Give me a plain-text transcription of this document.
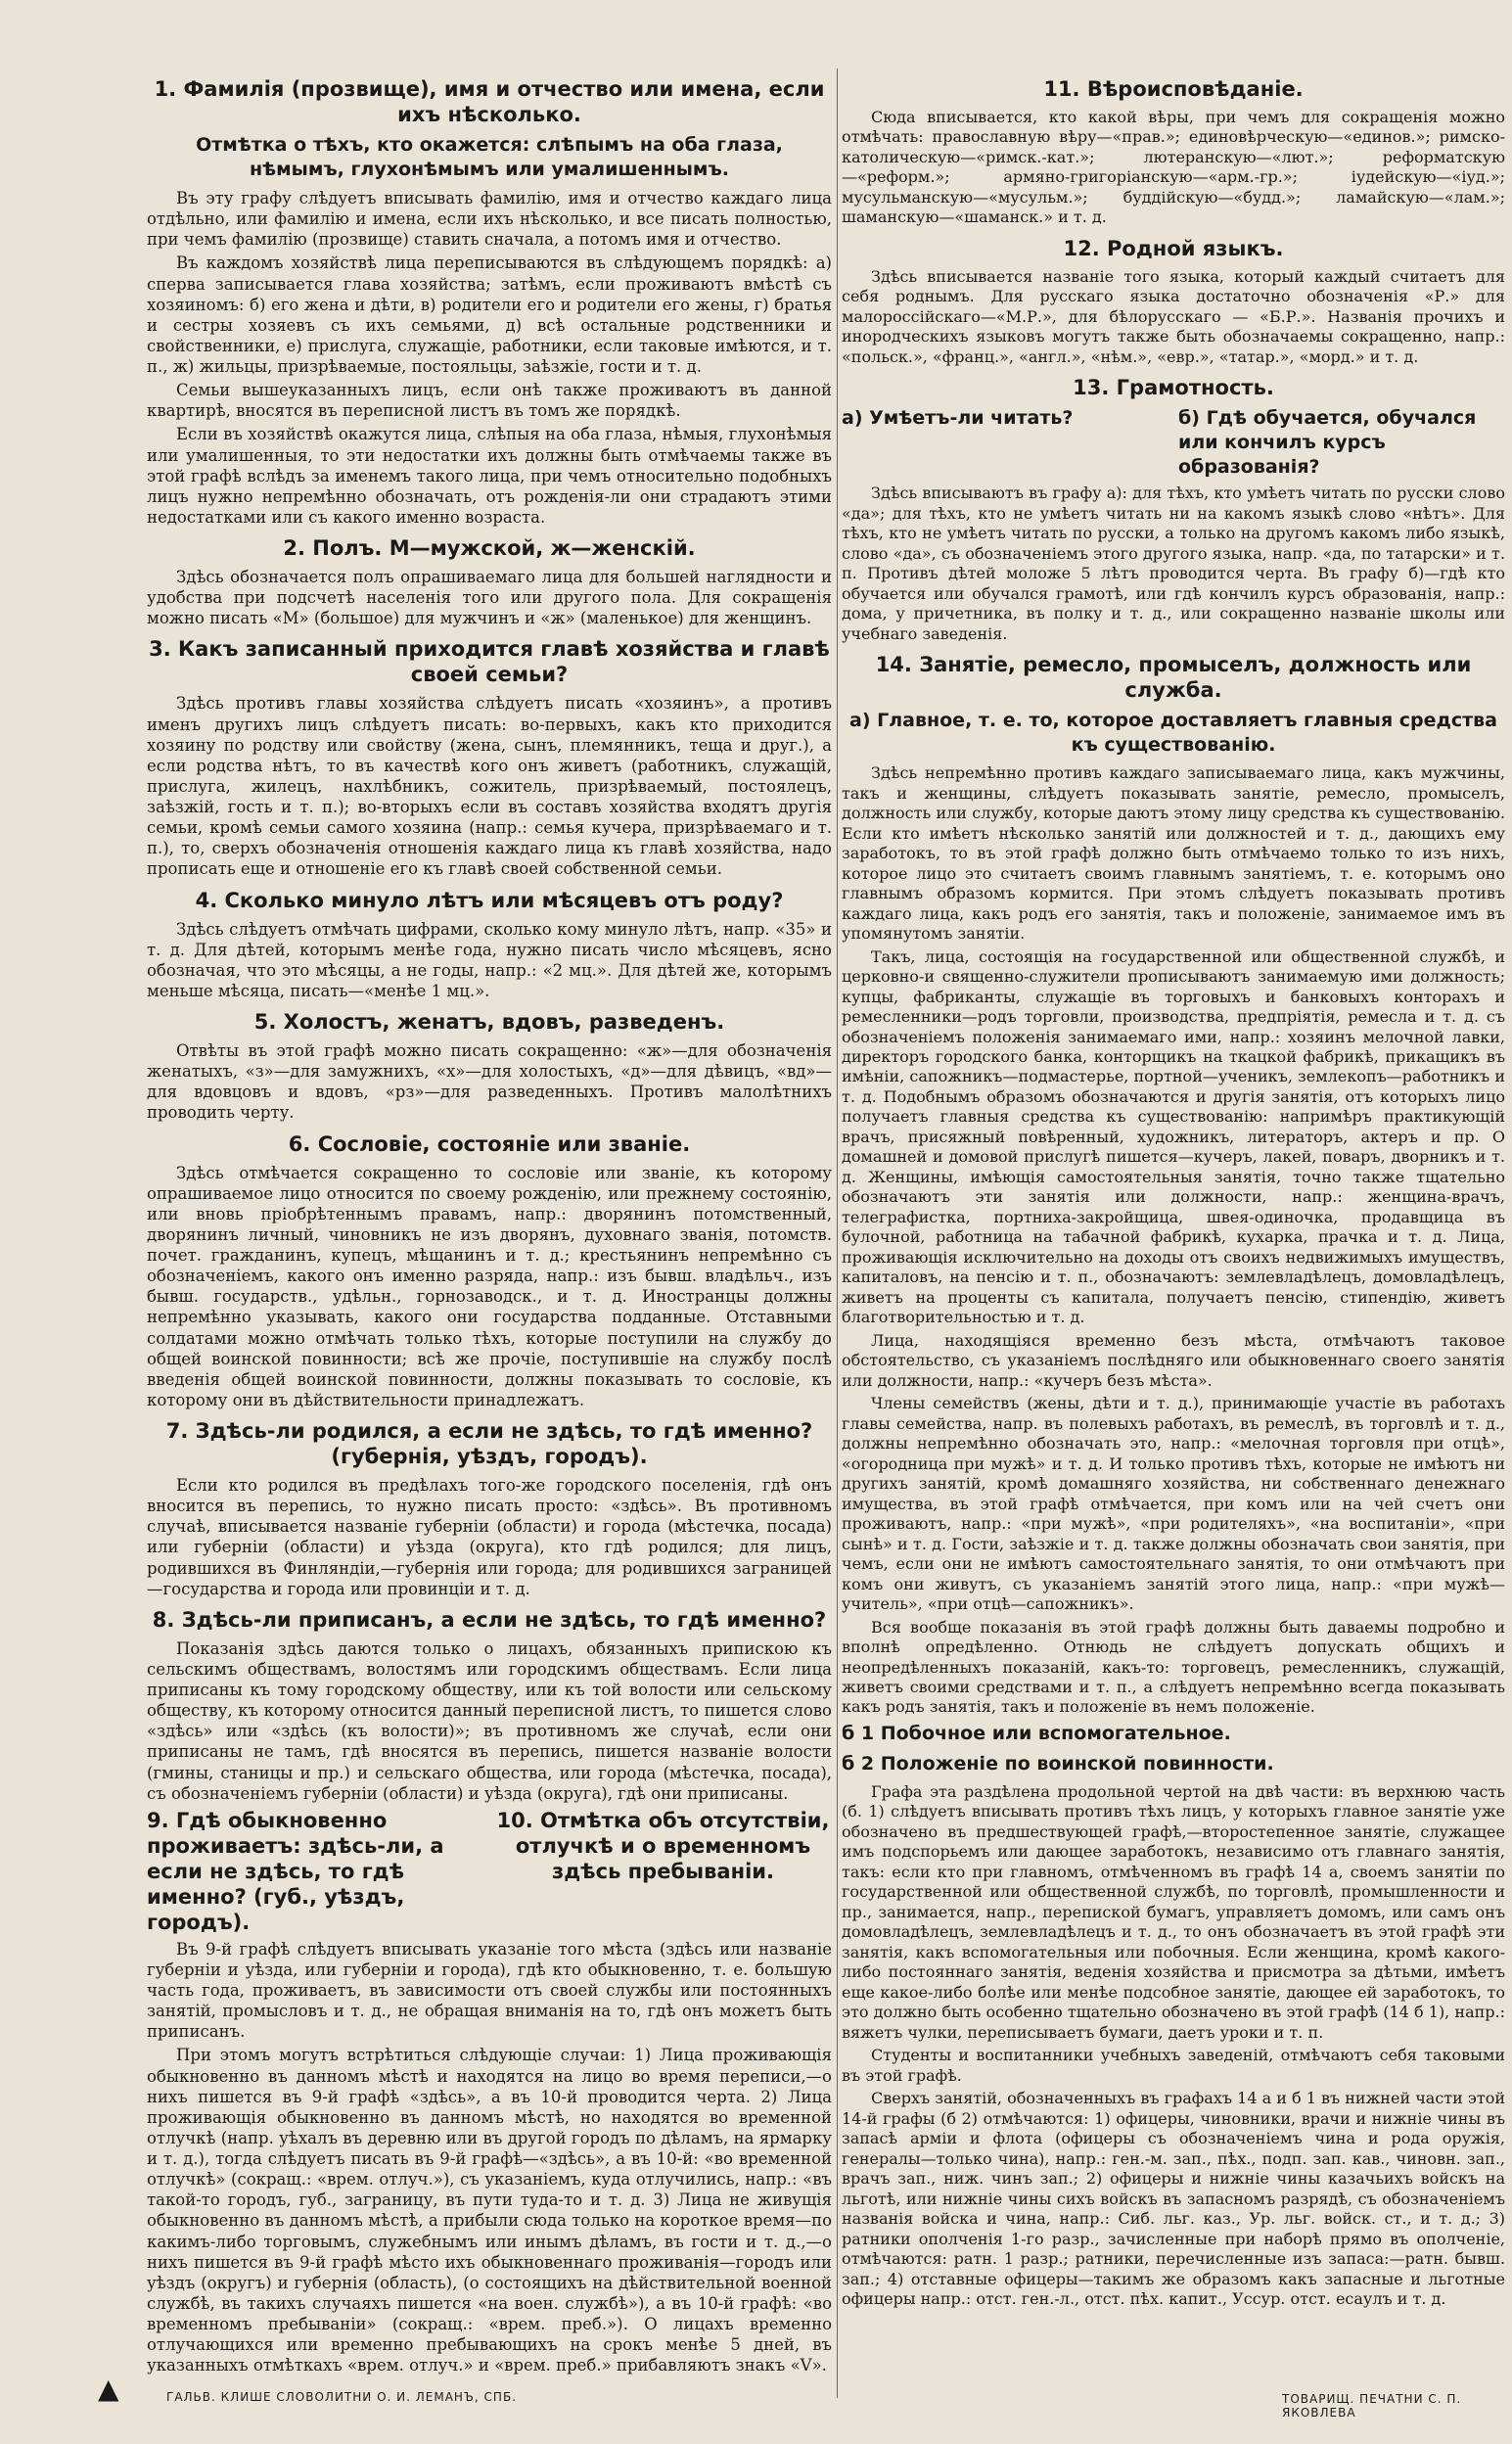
1. Фамилія (прозвище), имя и отчество или имена, если ихъ нѣсколько.
Отмѣтка о тѣхъ, кто окажется: слѣпымъ на оба глаза, нѣмымъ, глухонѣмымъ или умалишеннымъ.

Въ эту графу слѣдуетъ вписывать фамилію, имя и отчество каждаго лица отдѣльно, или фамилію и имена, если ихъ нѣсколько, и все писать полностью, при чемъ фамилію (прозвище) ставить сначала, а потомъ имя и отчество.

Въ каждомъ хозяйствѣ лица переписываются въ слѣдующемъ порядкѣ: а) сперва записывается глава хозяйства; затѣмъ, если проживаютъ вмѣстѣ съ хозяиномъ: б) его жена и дѣти, в) родители его и родители его жены, г) братья и сестры хозяевъ съ ихъ семьями, д) всѣ остальные родственники и свойственники, е) прислуга, служащіе, работники, если таковые имѣются, и т. п., ж) жильцы, призрѣваемые, постояльцы, заѣзжіе, гости и т. д.

Семьи вышеуказанныхъ лицъ, если онѣ также проживаютъ въ данной квартирѣ, вносятся въ переписной листъ въ томъ же порядкѣ.

Если въ хозяйствѣ окажутся лица, слѣпыя на оба глаза, нѣмыя, глухонѣмыя или умалишенныя, то эти недостатки ихъ должны быть отмѣчаемы также въ этой графѣ вслѣдъ за именемъ такого лица, при чемъ относительно подобныхъ лицъ нужно непремѣнно обозначать, отъ рожденія-ли они страдаютъ этими недостатками или съ какого именно возраста.

2. Полъ. М—мужской, ж—женскій.

Здѣсь обозначается полъ опрашиваемаго лица для большей наглядности и удобства при подсчетѣ населенія того или другого пола. Для сокращенія можно писать «М» (большое) для мужчинъ и «ж» (маленькое) для женщинъ.

3. Какъ записанный приходится главѣ хозяйства и главѣ своей семьи?

Здѣсь противъ главы хозяйства слѣдуетъ писать «хозяинъ», а противъ именъ другихъ лицъ слѣдуетъ писать: во-первыхъ, какъ кто приходится хозяину по родству или свойству (жена, сынъ, племянникъ, теща и друг.), а если родства нѣтъ, то въ качествѣ кого онъ живетъ (работникъ, служащій, прислуга, жилецъ, нахлѣбникъ, сожитель, призрѣваемый, постоялецъ, заѣзжій, гость и т. п.); во-вторыхъ если въ составъ хозяйства входятъ другія семьи, кромѣ семьи самого хозяина (напр.: семья кучера, призрѣваемаго и т. п.), то, сверхъ обозначенія отношенія каждаго лица къ главѣ хозяйства, надо прописать еще и отношеніе его къ главѣ своей собственной семьи.

4. Сколько минуло лѣтъ или мѣсяцевъ отъ роду?

Здѣсь слѣдуетъ отмѣчать цифрами, сколько кому минуло лѣтъ, напр. «35» и т. д. Для дѣтей, которымъ менѣе года, нужно писать число мѣсяцевъ, ясно обозначая, что это мѣсяцы, а не годы, напр.: «2 мц.». Для дѣтей же, которымъ меньше мѣсяца, писать—«менѣе 1 мц.».

5. Холостъ, женатъ, вдовъ, разведенъ.

Отвѣты въ этой графѣ можно писать сокращенно: «ж»—для обозначенія женатыхъ, «з»—для замужнихъ, «х»—для холостыхъ, «д»—для дѣвицъ, «вд»—для вдовцовъ и вдовъ, «рз»—для разведенныхъ. Противъ малолѣтнихъ проводить черту.

6. Сословіе, состояніе или званіе.

Здѣсь отмѣчается сокращенно то сословіе или званіе, къ которому опрашиваемое лицо относится по своему рожденію, или прежнему состоянію, или вновь пріобрѣтеннымъ правамъ, напр.: дворянинъ потомственный, дворянинъ личный, чиновникъ не изъ дворянъ, духовнаго званія, потомств. почет. гражданинъ, купецъ, мѣщанинъ и т. д.; крестьянинъ непремѣнно съ обозначеніемъ, какого онъ именно разряда, напр.: изъ бывш. владѣльч., изъ бывш. государств., удѣльн., горнозаводск., и т. д. Иностранцы должны непремѣнно указывать, какого они государства подданные. Отставными солдатами можно отмѣчать только тѣхъ, которые поступили на службу до общей воинской повинности; всѣ же прочіе, поступившіе на службу послѣ введенія общей воинской повинности, должны показывать то сословіе, къ которому они въ дѣйствительности принадлежатъ.

7. Здѣсь-ли родился, а если не здѣсь, то гдѣ именно? (губернія, уѣздъ, городъ).

Если кто родился въ предѣлахъ того-же городского поселенія, гдѣ онъ вносится въ перепись, то нужно писать просто: «здѣсь». Въ противномъ случаѣ, вписывается названіе губерніи (области) и города (мѣстечка, посада) или губерніи (области) и уѣзда (округа), кто гдѣ родился; для лицъ, родившихся въ Финляндіи,—губернія или города; для родившихся заграницей—государства и города или провинціи и т. д.

8. Здѣсь-ли приписанъ, а если не здѣсь, то гдѣ именно?

Показанія здѣсь даются только о лицахъ, обязанныхъ припискою къ сельскимъ обществамъ, волостямъ или городскимъ обществамъ. Если лица приписаны къ тому городскому обществу, или къ той волости или сельскому обществу, къ которому относится данный переписной листъ, то пишется слово «здѣсь» или «здѣсь (къ волости)»; въ противномъ же случаѣ, если они приписаны не тамъ, гдѣ вносятся въ перепись, пишется названіе волости (гмины, станицы и пр.) и сельскаго общества, или города (мѣстечка, посада), съ обозначеніемъ губерніи (области) и уѣзда (округа), гдѣ они приписаны.

9. Гдѣ обыкновенно проживаетъ: здѣсь-ли, а если не здѣсь, то гдѣ именно? (губ., уѣздъ, городъ).
10. Отмѣтка объ отсутствіи, отлучкѣ и о временномъ здѣсь пребываніи.

Въ 9-й графѣ слѣдуетъ вписывать указаніе того мѣста (здѣсь или названіе губерніи и уѣзда, или губерніи и города), гдѣ кто обыкновенно, т. е. большую часть года, проживаетъ, въ зависимости отъ своей службы или постоянныхъ занятій, промысловъ и т. д., не обращая вниманія на то, гдѣ онъ можетъ быть приписанъ.

При этомъ могутъ встрѣтиться слѣдующіе случаи: 1) Лица проживающія обыкновенно въ данномъ мѣстѣ и находятся на лицо во время переписи,—о нихъ пишется въ 9-й графѣ «здѣсь», а въ 10-й проводится черта. 2) Лица проживающія обыкновенно въ данномъ мѣстѣ, но находятся во временной отлучкѣ (напр. уѣхалъ въ деревню или въ другой городъ по дѣламъ, на ярмарку и т. д.), тогда слѣдуетъ писать въ 9-й графѣ—«здѣсь», а въ 10-й: «во временной отлучкѣ» (сокращ.: «врем. отлуч.»), съ указаніемъ, куда отлучились, напр.: «въ такой-то городъ, губ., заграницу, въ пути туда-то и т. д. 3) Лица не живущія обыкновенно въ данномъ мѣстѣ, а прибыли сюда только на короткое время—по какимъ-либо торговымъ, служебнымъ или инымъ дѣламъ, въ гости и т. д.,—о нихъ пишется въ 9-й графѣ мѣсто ихъ обыкновеннаго проживанія—городъ или уѣздъ (округъ) и губернія (область), (о состоящихъ на дѣйствительной военной службѣ, въ такихъ случаяхъ пишется «на воен. службѣ»), а въ 10-й графѣ: «во временномъ пребываніи» (сокращ.: «врем. преб.»). О лицахъ временно отлучающихся или временно пребывающихъ на срокъ менѣе 5 дней, въ указанныхъ отмѣткахъ «врем. отлуч.» и «врем. преб.» прибавляютъ знакъ «V».

11. Вѣроисповѣданіе.

Сюда вписывается, кто какой вѣры, при чемъ для сокращенія можно отмѣчать: православную вѣру—«прав.»; единовѣрческую—«единов.»; римско-католическую—«римск.-кат.»; лютеранскую—«лют.»; реформатскую—«реформ.»; армяно-григоріанскую—«арм.-гр.»; іудейскую—«іуд.»; мусульманскую—«мусульм.»; буддійскую—«будд.»; ламайскую—«лам.»; шаманскую—«шаманск.» и т. д.

12. Родной языкъ.

Здѣсь вписывается названіе того языка, который каждый считаетъ для себя роднымъ. Для русскаго языка достаточно обозначенія «Р.» для малороссійскаго—«М.Р.», для бѣлорусскаго — «Б.Р.». Названія прочихъ и инородческихъ языковъ могутъ также быть обозначаемы сокращенно, напр.: «польск.», «франц.», «англ.», «нѣм.», «евр.», «татар.», «морд.» и т. д.

13. Грамотность.
а) Умѣетъ-ли читать?	б) Гдѣ обучается, обучался или кончилъ курсъ образованія?

Здѣсь вписываютъ въ графу а): для тѣхъ, кто умѣетъ читать по русски слово «да»; для тѣхъ, кто не умѣетъ читать ни на какомъ языкѣ слово «нѣтъ». Для тѣхъ, кто не умѣетъ читать по русски, а только на другомъ какомъ либо языкѣ, слово «да», съ обозначеніемъ этого другого языка, напр. «да, по татарски» и т. п. Противъ дѣтей моложе 5 лѣтъ проводится черта. Въ графу б)—гдѣ кто обучается или обучался грамотѣ, или гдѣ кончилъ курсъ образованія, напр.: дома, у причетника, въ полку и т. д., или сокращенно названіе школы или учебнаго заведенія.

14. Занятіе, ремесло, промыселъ, должность или служба.
а) Главное, т. е. то, которое доставляетъ главныя средства къ существованію.

Здѣсь непремѣнно противъ каждаго записываемаго лица, какъ мужчины, такъ и женщины, слѣдуетъ показывать занятіе, ремесло, промыселъ, должность или службу, которые даютъ этому лицу средства къ существованію. Если кто имѣетъ нѣсколько занятій или должностей и т. д., дающихъ ему заработокъ, то въ этой графѣ должно быть отмѣчаемо только то изъ нихъ, которое лицо это считаетъ своимъ главнымъ занятіемъ, т. е. которымъ оно главнымъ образомъ кормится. При этомъ слѣдуетъ показывать противъ каждаго лица, какъ родъ его занятія, такъ и положеніе, занимаемое имъ въ упомянутомъ занятіи.

Такъ, лица, состоящія на государственной или общественной службѣ, и церковно-и священно-служители прописываютъ занимаемую ими должность; купцы, фабриканты, служащіе въ торговыхъ и банковыхъ конторахъ и ремесленники—родъ торговли, производства, предпріятія, ремесла и т. д. съ обозначеніемъ положенія занимаемаго ими, напр.: хозяинъ мелочной лавки, директоръ городского банка, конторщикъ на ткацкой фабрикѣ, прикащикъ въ имѣніи, сапожникъ—подмастерье, портной—ученикъ, землекопъ—работникъ и т. д. Подобнымъ образомъ обозначаются и другія занятія, отъ которыхъ лицо получаетъ главныя средства къ существованію: напримѣръ практикующій врачъ, присяжный повѣренный, художникъ, литераторъ, актеръ и пр. О домашней и домовой прислугѣ пишется—кучеръ, лакей, поваръ, дворникъ и т. д. Женщины, имѣющія самостоятельныя занятія, точно также тщательно обозначаютъ эти занятія или должности, напр.: женщина-врачъ, телеграфистка, портниха-закройщица, швея-одиночка, продавщица въ булочной, работница на табачной фабрикѣ, кухарка, прачка и т. д. Лица, проживающія исключительно на доходы отъ своихъ недвижимыхъ имуществъ, капиталовъ, на пенсію и т. п., обозначаютъ: землевладѣлецъ, домовладѣлецъ, живетъ на проценты съ капитала, получаетъ пенсію, стипендію, живетъ благотворительностью и т. д.

Лица, находящіяся временно безъ мѣста, отмѣчаютъ таковое обстоятельство, съ указаніемъ послѣдняго или обыкновеннаго своего занятія или должности, напр.: «кучеръ безъ мѣста».

Члены семействъ (жены, дѣти и т. д.), принимающіе участіе въ работахъ главы семейства, напр. въ полевыхъ работахъ, въ ремеслѣ, въ торговлѣ и т. д., должны непремѣнно обозначать это, напр.: «мелочная торговля при отцѣ», «огородница при мужѣ» и т. д. И только противъ тѣхъ, которые не имѣютъ ни другихъ занятій, кромѣ домашняго хозяйства, ни собственнаго денежнаго имущества, въ этой графѣ отмѣчается, при комъ или на чей счетъ они проживаютъ, напр.: «при мужѣ», «при родителяхъ», «на воспитаніи», «при сынѣ» и т. д. Гости, заѣзжіе и т. д. также должны обозначать свои занятія, при чемъ, если они не имѣютъ самостоятельнаго занятія, то они отмѣчаютъ при комъ они живутъ, съ указаніемъ занятій этого лица, напр.: «при мужѣ—учитель», «при отцѣ—сапожникъ».

Вся вообще показанія въ этой графѣ должны быть даваемы подробно и вполнѣ опредѣленно. Отнюдь не слѣдуетъ допускать общихъ и неопредѣленныхъ показаній, какъ-то: торговецъ, ремесленникъ, служащій, живетъ своими средствами и т. п., а слѣдуетъ непремѣнно всегда показывать какъ родъ занятія, такъ и положеніе въ немъ положеніе.

б 1 Побочное или вспомогательное.
б 2 Положеніе по воинской повинности.

Графа эта раздѣлена продольной чертой на двѣ части: въ верхнюю часть (б. 1) слѣдуетъ вписывать противъ тѣхъ лицъ, у которыхъ главное занятіе уже обозначено въ предшествующей графѣ,—второстепенное занятіе, служащее имъ подспорьемъ или дающее заработокъ, независимо отъ главнаго занятія, такъ: если кто при главномъ, отмѣченномъ въ графѣ 14 а, своемъ занятіи по государственной или общественной службѣ, по торговлѣ, промышленности и пр., занимается, напр., перепиской бумагъ, управляетъ домомъ, или самъ онъ домовладѣлецъ, землевладѣлецъ и т. д., то онъ обозначаетъ въ этой графѣ эти занятія, какъ вспомогательныя или побочныя. Если женщина, кромѣ какого-либо постояннаго занятія, веденія хозяйства и присмотра за дѣтьми, имѣетъ еще какое-либо болѣе или менѣе подсобное занятіе, дающее ей заработокъ, то это должно быть особенно тщательно обозначено въ этой графѣ (14 б 1), напр.: вяжетъ чулки, переписываетъ бумаги, даетъ уроки и т. п.

Студенты и воспитанники учебныхъ заведеній, отмѣчаютъ себя таковыми въ этой графѣ.

Сверхъ занятій, обозначенныхъ въ графахъ 14 а и б 1 въ нижней части этой 14-й графы (б 2) отмѣчаются: 1) офицеры, чиновники, врачи и нижніе чины въ запасѣ арміи и флота (офицеры съ обозначеніемъ чина и рода оружія, генералы—только чина), напр.: ген.-м. зап., пѣх., подп. зап. кав., чиновн. зап., врачъ зап., ниж. чинъ зап.; 2) офицеры и нижніе чины казачьихъ войскъ на льготѣ, или нижніе чины сихъ войскъ въ запасномъ разрядѣ, съ обозначеніемъ названія войска и чина, напр.: Сиб. льг. каз., Ур. льг. войск. ст., и т. д.; 3) ратники ополченія 1-го разр., зачисленные при наборѣ прямо въ ополченіе, отмѣчаются: ратн. 1 разр.; ратники, перечисленные изъ запаса:—ратн. бывш. зап.; 4) отставные офицеры—такимъ же образомъ какъ запасные и льготные офицеры напр.: отст. ген.-л., отст. пѣх. капит., Уссур. отст. есаулъ и т. д.

▲	ГАЛЬВ. КЛИШЕ СЛОВОЛИТНИ О. И. ЛЕМАНЪ, СПБ.	ТОВАРИЩ. ПЕЧАТНИ С. П. ЯКОВЛЕВА
